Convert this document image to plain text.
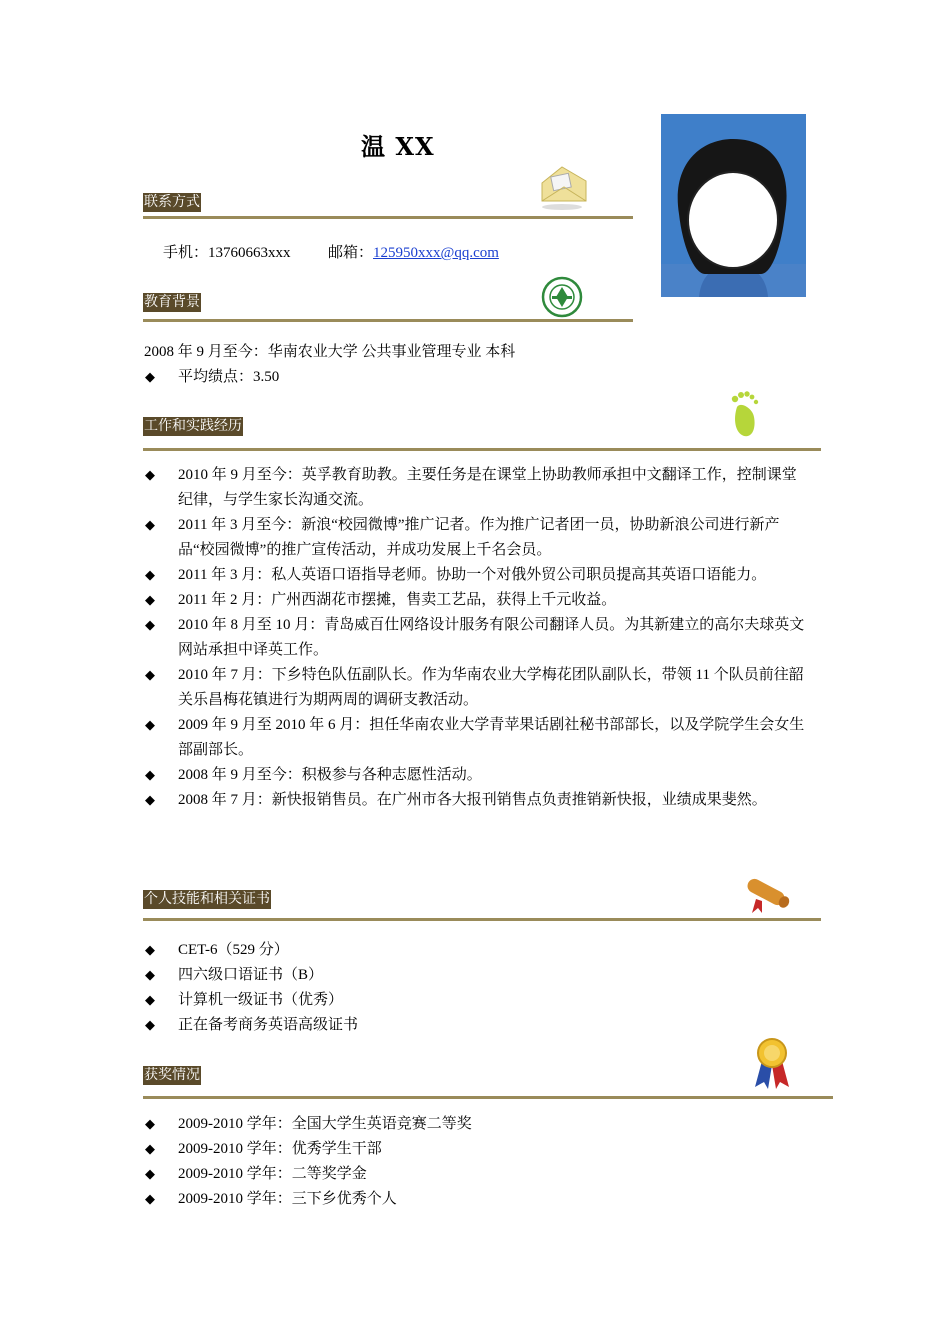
温 XX
联系方式
手机：13760663xxx	邮箱：125950xxx@qq.com
教育背景
2008 年 9 月至今：华南农业大学 公共事业管理专业 本科
◆ 平均绩点：3.50
工作和实践经历
◆ 2010 年 9 月至今：英孚教育助教。主要任务是在课堂上协助教师承担中文翻译工作，控制课堂纪律，与学生家长沟通交流。
◆ 2011 年 3 月至今：新浪“校园微博”推广记者。作为推广记者团一员，协助新浪公司进行新产品“校园微博”的推广宣传活动，并成功发展上千名会员。
◆ 2011 年 3 月：私人英语口语指导老师。协助一个对俄外贸公司职员提高其英语口语能力。
◆ 2011 年 2 月：广州西湖花市摆摊，售卖工艺品，获得上千元收益。
◆ 2010 年 8 月至 10 月：青岛威百仕网络设计服务有限公司翻译人员。为其新建立的高尔夫球英文网站承担中译英工作。
◆ 2010 年 7 月：下乡特色队伍副队长。作为华南农业大学梅花团队副队长，带领 11 个队员前往韶关乐昌梅花镇进行为期两周的调研支教活动。
◆ 2009 年 9 月至 2010 年 6 月：担任华南农业大学青苹果话剧社秘书部部长，以及学院学生会女生部副部长。
◆ 2008 年 9 月至今：积极参与各种志愿性活动。
◆ 2008 年 7 月：新快报销售员。在广州市各大报刊销售点负责推销新快报，业绩成果斐然。
个人技能和相关证书
◆ CET-6（529 分）
◆ 四六级口语证书（B）
◆ 计算机一级证书（优秀）
◆ 正在备考商务英语高级证书
获奖情况
◆ 2009-2010 学年：全国大学生英语竞赛二等奖
◆ 2009-2010 学年：优秀学生干部
◆ 2009-2010 学年：二等奖学金
◆ 2009-2010 学年：三下乡优秀个人
